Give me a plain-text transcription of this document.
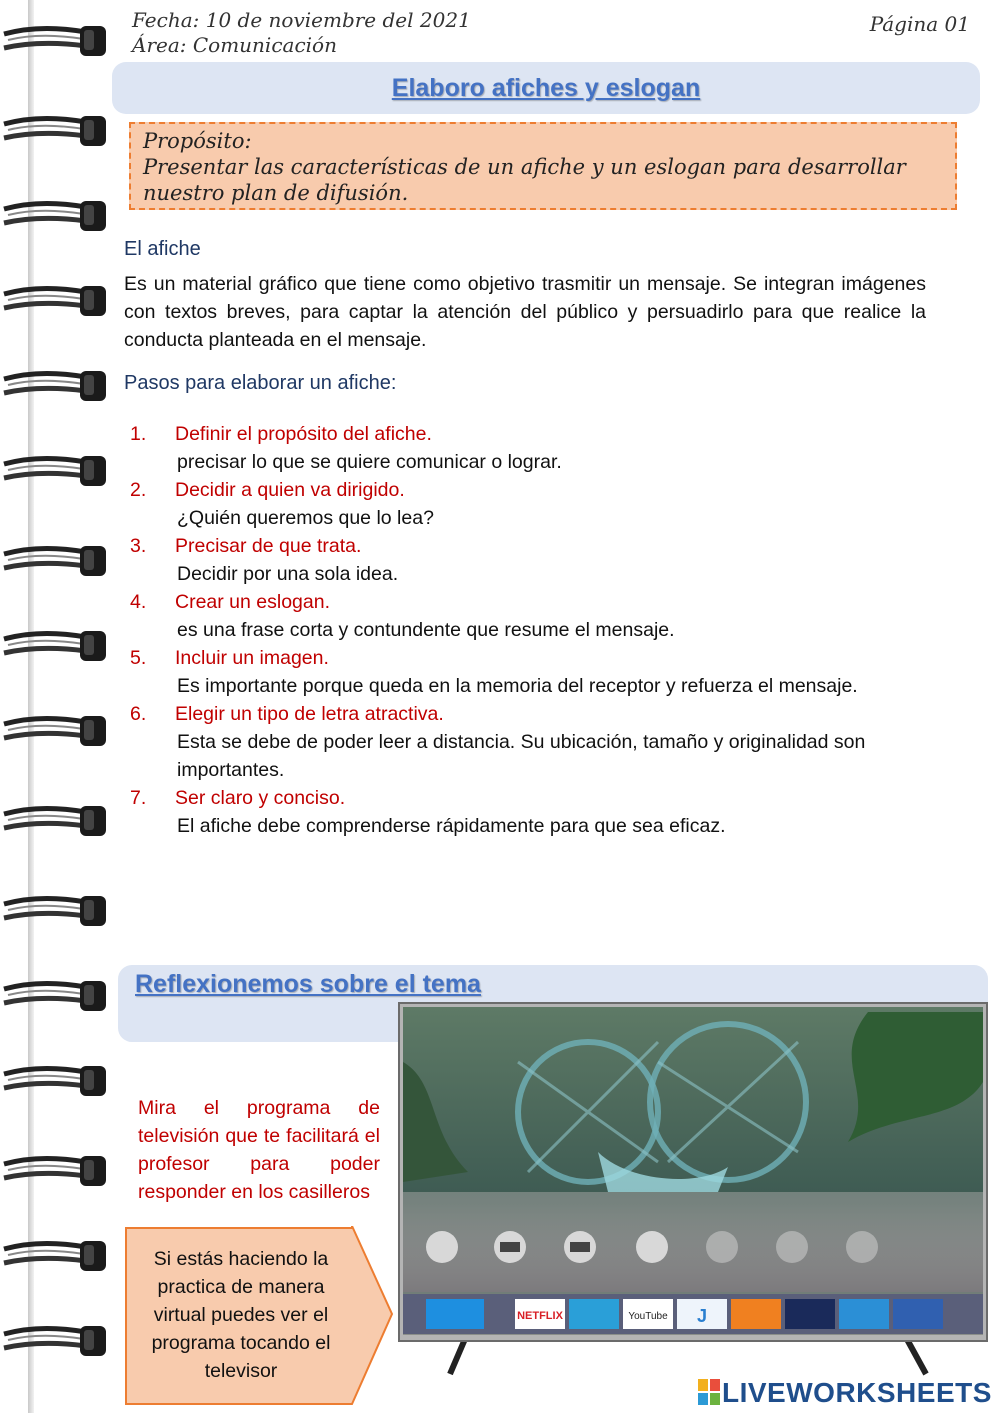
Fecha: 10 de noviembre del 2021
Área: Comunicación
Página 01
Elaboro afiches y eslogan
Propósito:
Presentar las características de un afiche y un eslogan para desarrollar
nuestro plan de difusión.
El afiche
Es un material gráfico que tiene como objetivo trasmitir un mensaje. Se integran imágenes con textos breves, para captar la atención del público y persuadirlo para que realice la conducta planteada en el mensaje.
Pasos para elaborar un afiche:
1. Definir el propósito del afiche.
precisar lo que se quiere comunicar o lograr.
2. Decidir a quien va dirigido.
¿Quién queremos que lo lea?
3. Precisar de que trata.
Decidir por una sola idea.
4. Crear un eslogan.
es una frase corta y contundente que resume el mensaje.
5. Incluir un imagen.
Es importante porque queda en la memoria del receptor y refuerza el mensaje.
6. Elegir un tipo de letra atractiva.
Esta se debe de poder leer a distancia. Su ubicación, tamaño y originalidad son importantes.
7. Ser claro y conciso.
El afiche debe comprenderse rápidamente para que sea eficaz.
Reflexionemos sobre el tema
Mira el programa de televisión que te facilitará el profesor para poder responder en los casilleros
Si estás haciendo la practica de manera virtual puedes ver el programa tocando el televisor
NETFLIX	YouTube J
LIVEWORKSHEETS
